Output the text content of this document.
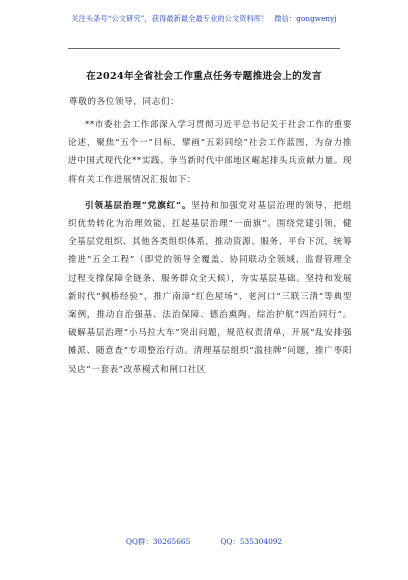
关注头条号“公文研究”，获得最新最全最专业的公文资料库！ 微信：gongwenyj
在2024年全省社会工作重点任务专题推进会上的发言
尊敬的各位领导，同志们：

**市委社会工作部深入学习贯彻习近平总书记关于社会工作的重要论述，聚焦“五个一”目标，擘画“五彩同绘”社会工作蓝图，为奋力推进中国式现代化**实践、争当新时代中部地区崛起排头兵贡献力量。现将有关工作进展情况汇报如下：

引领基层治理“党旗红”。坚持和加强党对基层治理的领导，把组织优势转化为治理效能，扛起基层治理“一面旗”。围绕党建引领，健全基层党组织、其他各类组织体系，推动资源、服务、平台下沉，统筹推进“五全工程”（即党的领导全覆盖、协同联动全领域、监督管理全过程支撑保障全链条、服务群众全天候），夯实基层基础。坚持和发展新时代“枫桥经验”，推广南漳“红色屋场”、老河口“三联三清”等典型案例，推动自治强基、法治保障、德治熏陶、综治护航“四治同行”。破解基层治理“小马拉大车”突出问题，规范权责清单，开展“乱安排强摊派、随意查”专项整治行动。清理基层组织“滥挂牌”问题，推广枣阳吴店“一套表”改革模式和闸口社区

QQ群：30265665	QQ：535304092
